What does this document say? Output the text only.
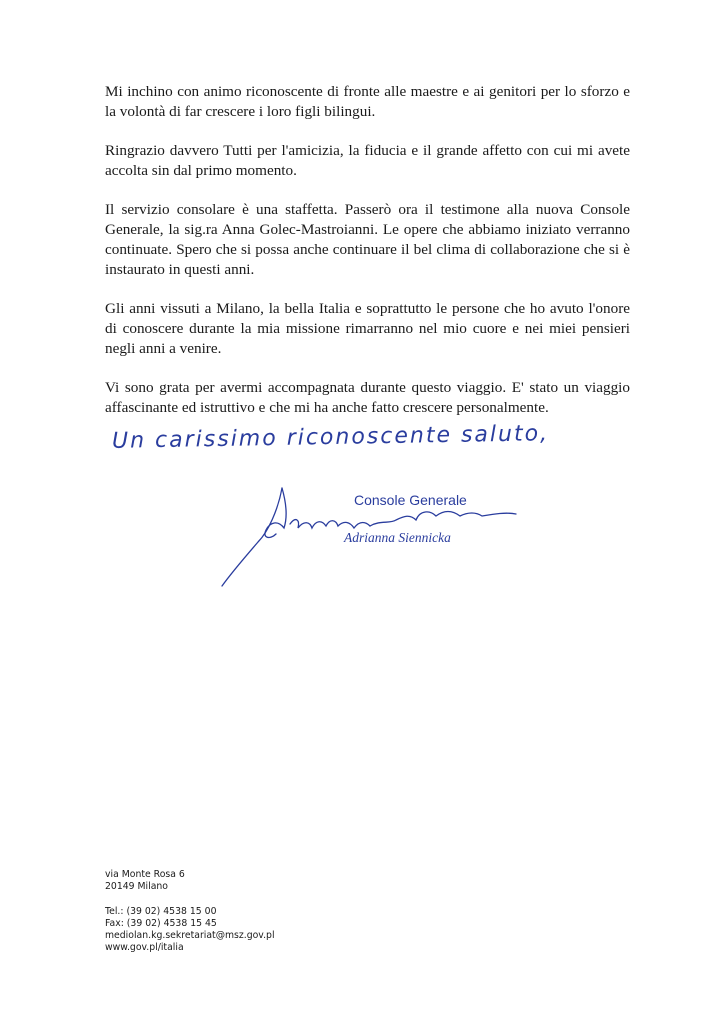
Mi inchino con animo riconoscente di fronte alle maestre e ai genitori per lo sforzo e la volontà di far crescere i loro figli bilingui.

Ringrazio davvero Tutti per l'amicizia, la fiducia e il grande affetto con cui mi avete accolta sin dal primo momento.

Il servizio consolare è una staffetta. Passerò ora il testimone alla nuova Console Generale, la sig.ra Anna Golec-Mastroianni. Le opere che abbiamo iniziato verranno continuate. Spero che si possa anche continuare il bel clima di collaborazione che si è instaurato in questi anni.

Gli anni vissuti a Milano, la bella Italia e soprattutto le persone che ho avuto l'onore di conoscere durante la mia missione rimarranno nel mio cuore e nei miei pensieri negli anni a venire.

Vi sono grata per avermi accompagnata durante questo viaggio. E' stato un viaggio affascinante ed istruttivo e che mi ha anche fatto crescere personalmente.

Un carissimo riconoscente saluto,
Console Generale
Adrianna Siennicka
via Monte Rosa 6
20149 Milano
Tel.: (39 02) 4538 15 00
Fax: (39 02) 4538 15 45
mediolan.kg.sekretariat@msz.gov.pl
www.gov.pl/italia
